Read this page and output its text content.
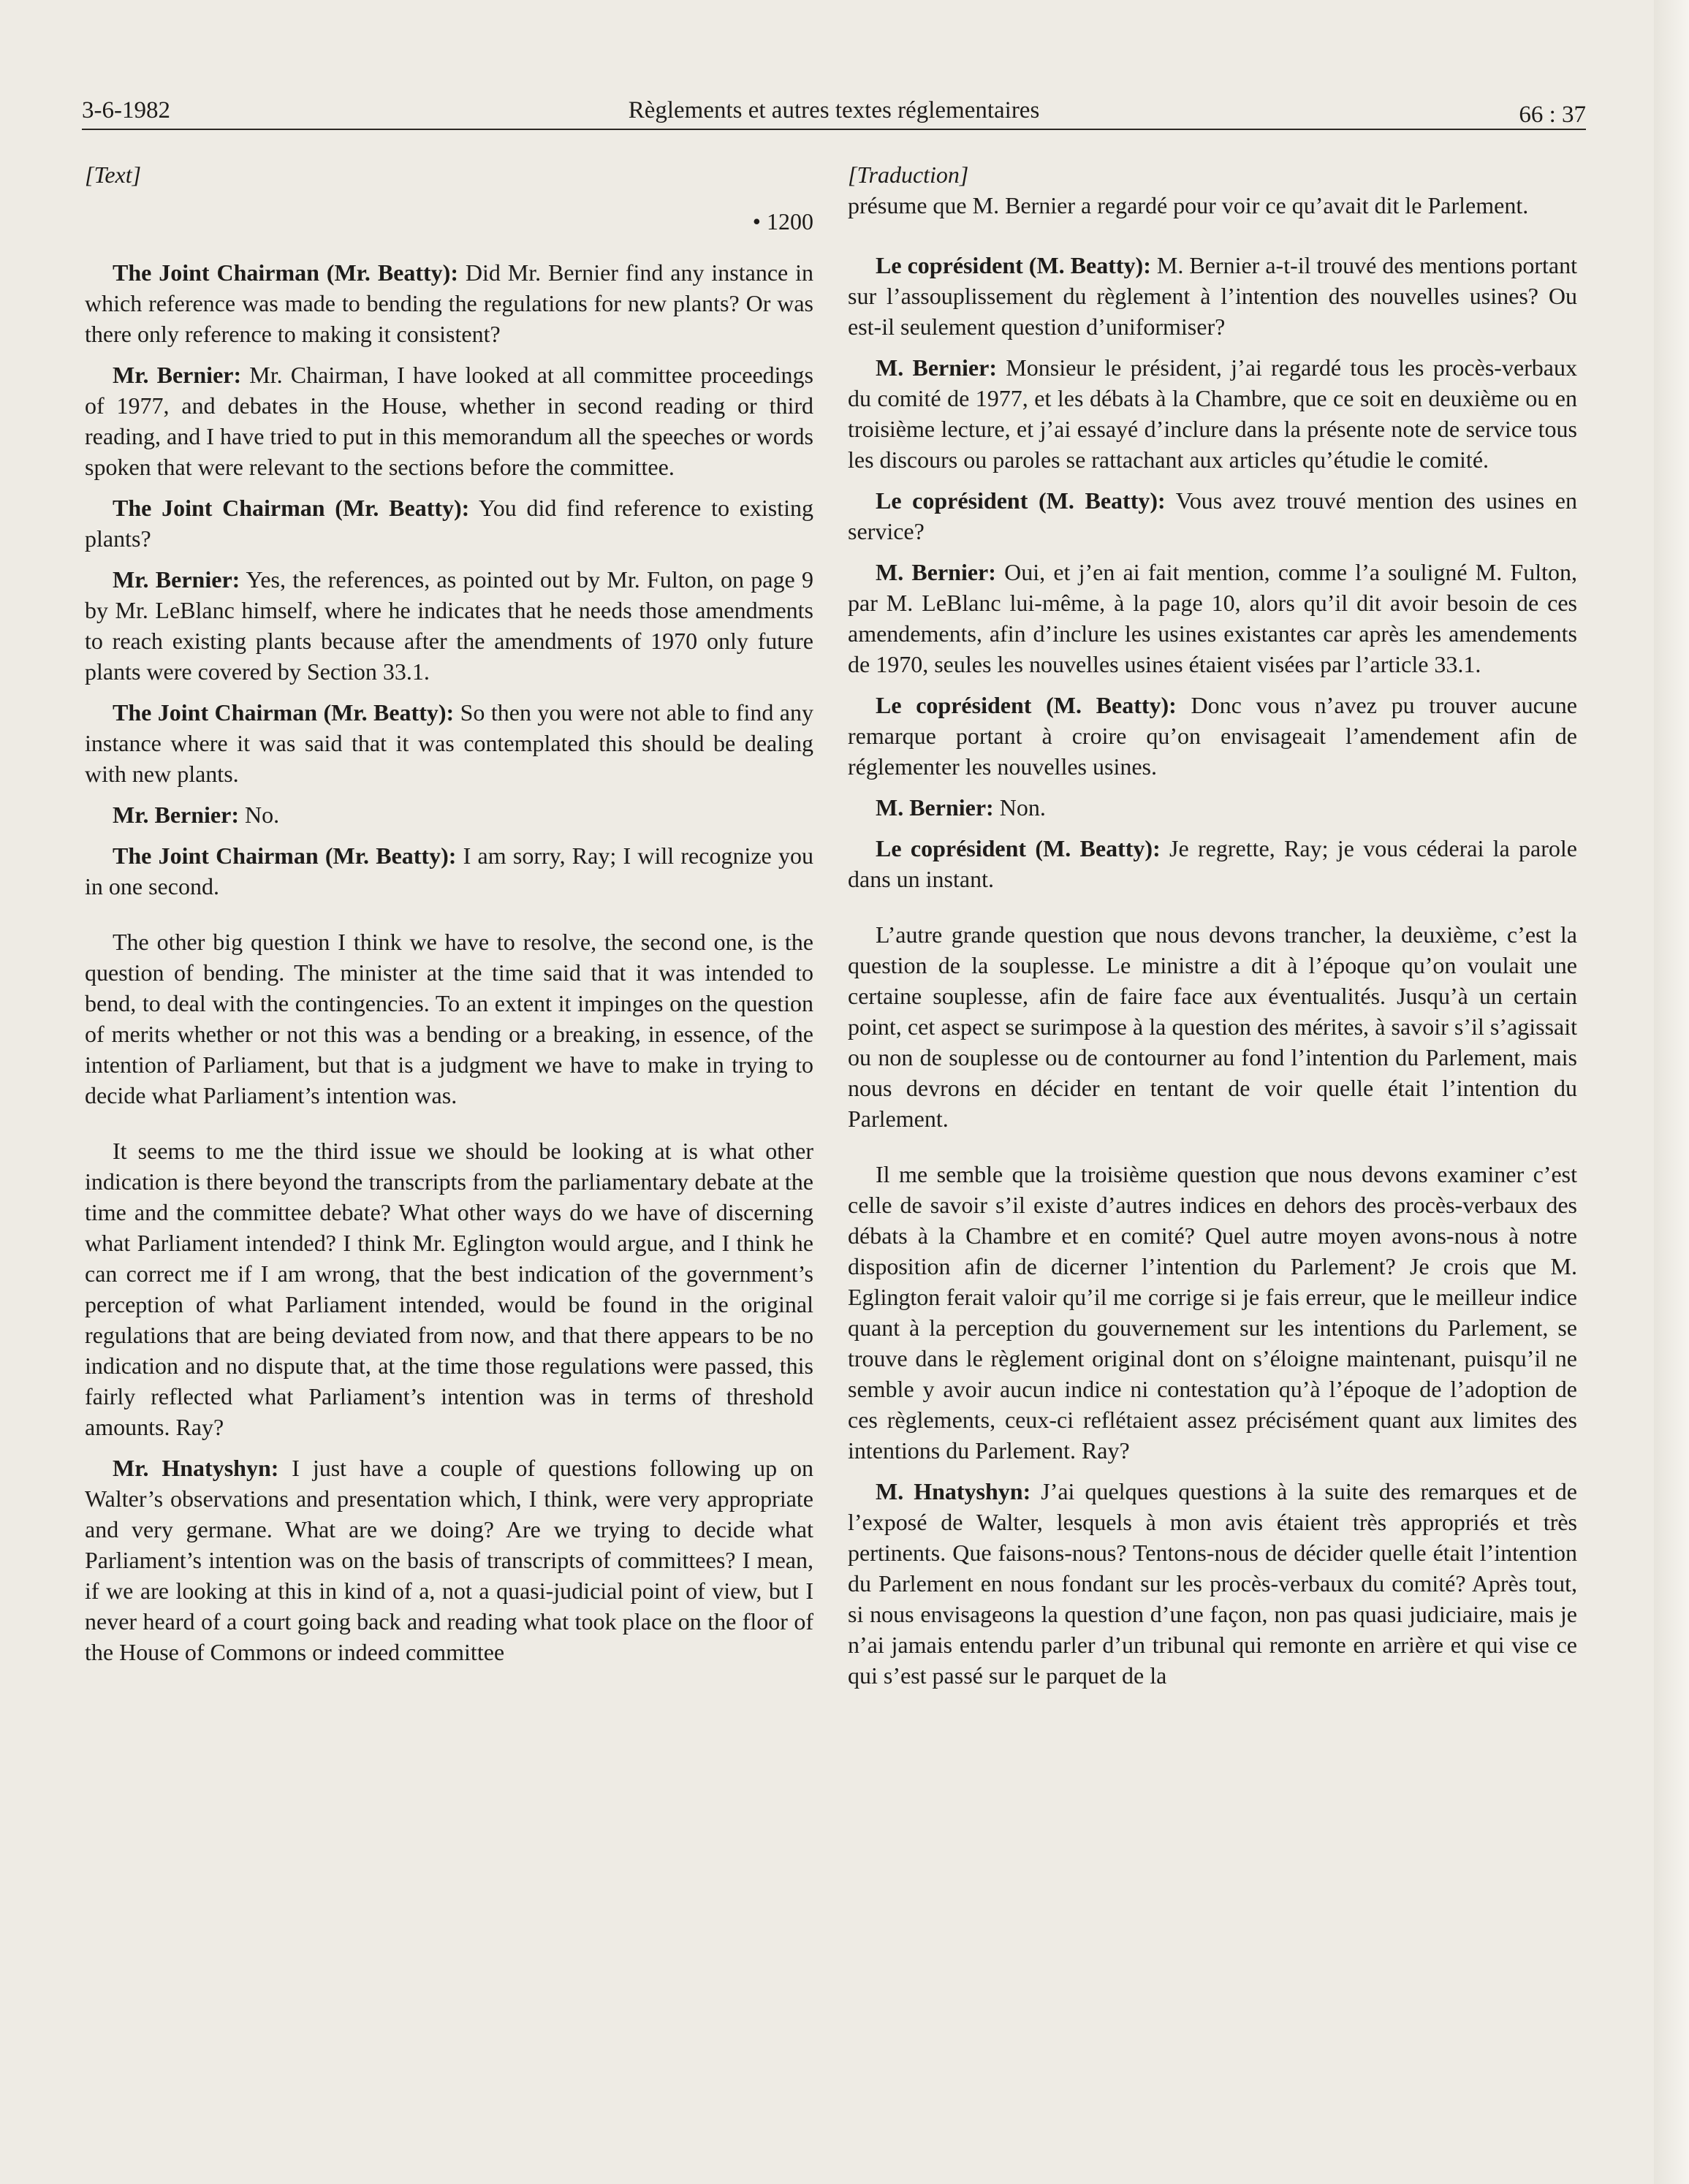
3-6-1982	Règlements et autres textes réglementaires	66 : 37
[Text]
• 1200

The Joint Chairman (Mr. Beatty): Did Mr. Bernier find any instance in which reference was made to bending the regulations for new plants? Or was there only reference to making it consistent?

Mr. Bernier: Mr. Chairman, I have looked at all committee proceedings of 1977, and debates in the House, whether in second reading or third reading, and I have tried to put in this memorandum all the speeches or words spoken that were relevant to the sections before the committee.

The Joint Chairman (Mr. Beatty): You did find reference to existing plants?

Mr. Bernier: Yes, the references, as pointed out by Mr. Fulton, on page 9 by Mr. LeBlanc himself, where he indicates that he needs those amendments to reach existing plants because after the amendments of 1970 only future plants were covered by Section 33.1.

The Joint Chairman (Mr. Beatty): So then you were not able to find any instance where it was said that it was contemplated this should be dealing with new plants.

Mr. Bernier: No.

The Joint Chairman (Mr. Beatty): I am sorry, Ray; I will recognize you in one second.

The other big question I think we have to resolve, the second one, is the question of bending. The minister at the time said that it was intended to bend, to deal with the contingencies. To an extent it impinges on the question of merits whether or not this was a bending or a breaking, in essence, of the intention of Parliament, but that is a judgment we have to make in trying to decide what Parliament’s intention was.

It seems to me the third issue we should be looking at is what other indication is there beyond the transcripts from the parliamentary debate at the time and the committee debate? What other ways do we have of discerning what Parliament intended? I think Mr. Eglington would argue, and I think he can correct me if I am wrong, that the best indication of the government’s perception of what Parliament intended, would be found in the original regulations that are being deviated from now, and that there appears to be no indication and no dispute that, at the time those regulations were passed, this fairly reflected what Parliament’s intention was in terms of threshold amounts. Ray?

Mr. Hnatyshyn: I just have a couple of questions following up on Walter’s observations and presentation which, I think, were very appropriate and very germane. What are we doing? Are we trying to decide what Parliament’s intention was on the basis of transcripts of committees? I mean, if we are looking at this in kind of a, not a quasi-judicial point of view, but I never heard of a court going back and reading what took place on the floor of the House of Commons or indeed committee

[Traduction]

présume que M. Bernier a regardé pour voir ce qu’avait dit le Parlement.

Le coprésident (M. Beatty): M. Bernier a-t-il trouvé des mentions portant sur l’assouplissement du règlement à l’intention des nouvelles usines? Ou est-il seulement question d’uniformiser?

M. Bernier: Monsieur le président, j’ai regardé tous les procès-verbaux du comité de 1977, et les débats à la Chambre, que ce soit en deuxième ou en troisième lecture, et j’ai essayé d’inclure dans la présente note de service tous les discours ou paroles se rattachant aux articles qu’étudie le comité.

Le coprésident (M. Beatty): Vous avez trouvé mention des usines en service?

M. Bernier: Oui, et j’en ai fait mention, comme l’a souligné M. Fulton, par M. LeBlanc lui-même, à la page 10, alors qu’il dit avoir besoin de ces amendements, afin d’inclure les usines existantes car après les amendements de 1970, seules les nouvelles usines étaient visées par l’article 33.1.

Le coprésident (M. Beatty): Donc vous n’avez pu trouver aucune remarque portant à croire qu’on envisageait l’amendement afin de réglementer les nouvelles usines.

M. Bernier: Non.

Le coprésident (M. Beatty): Je regrette, Ray; je vous céderai la parole dans un instant.

L’autre grande question que nous devons trancher, la deuxième, c’est la question de la souplesse. Le ministre a dit à l’époque qu’on voulait une certaine souplesse, afin de faire face aux éventualités. Jusqu’à un certain point, cet aspect se surimpose à la question des mérites, à savoir s’il s’agissait ou non de souplesse ou de contourner au fond l’intention du Parlement, mais nous devrons en décider en tentant de voir quelle était l’intention du Parlement.

Il me semble que la troisième question que nous devons examiner c’est celle de savoir s’il existe d’autres indices en dehors des procès-verbaux des débats à la Chambre et en comité? Quel autre moyen avons-nous à notre disposition afin de dicerner l’intention du Parlement? Je crois que M. Eglington ferait valoir qu’il me corrige si je fais erreur, que le meilleur indice quant à la perception du gouvernement sur les intentions du Parlement, se trouve dans le règlement original dont on s’éloigne maintenant, puisqu’il ne semble y avoir aucun indice ni contestation qu’à l’époque de l’adoption de ces règlements, ceux-ci reflétaient assez précisément quant aux limites des intentions du Parlement. Ray?

M. Hnatyshyn: J’ai quelques questions à la suite des remarques et de l’exposé de Walter, lesquels à mon avis étaient très appropriés et très pertinents. Que faisons-nous? Tentons-nous de décider quelle était l’intention du Parlement en nous fondant sur les procès-verbaux du comité? Après tout, si nous envisageons la question d’une façon, non pas quasi judiciaire, mais je n’ai jamais entendu parler d’un tribunal qui remonte en arrière et qui vise ce qui s’est passé sur le parquet de la
